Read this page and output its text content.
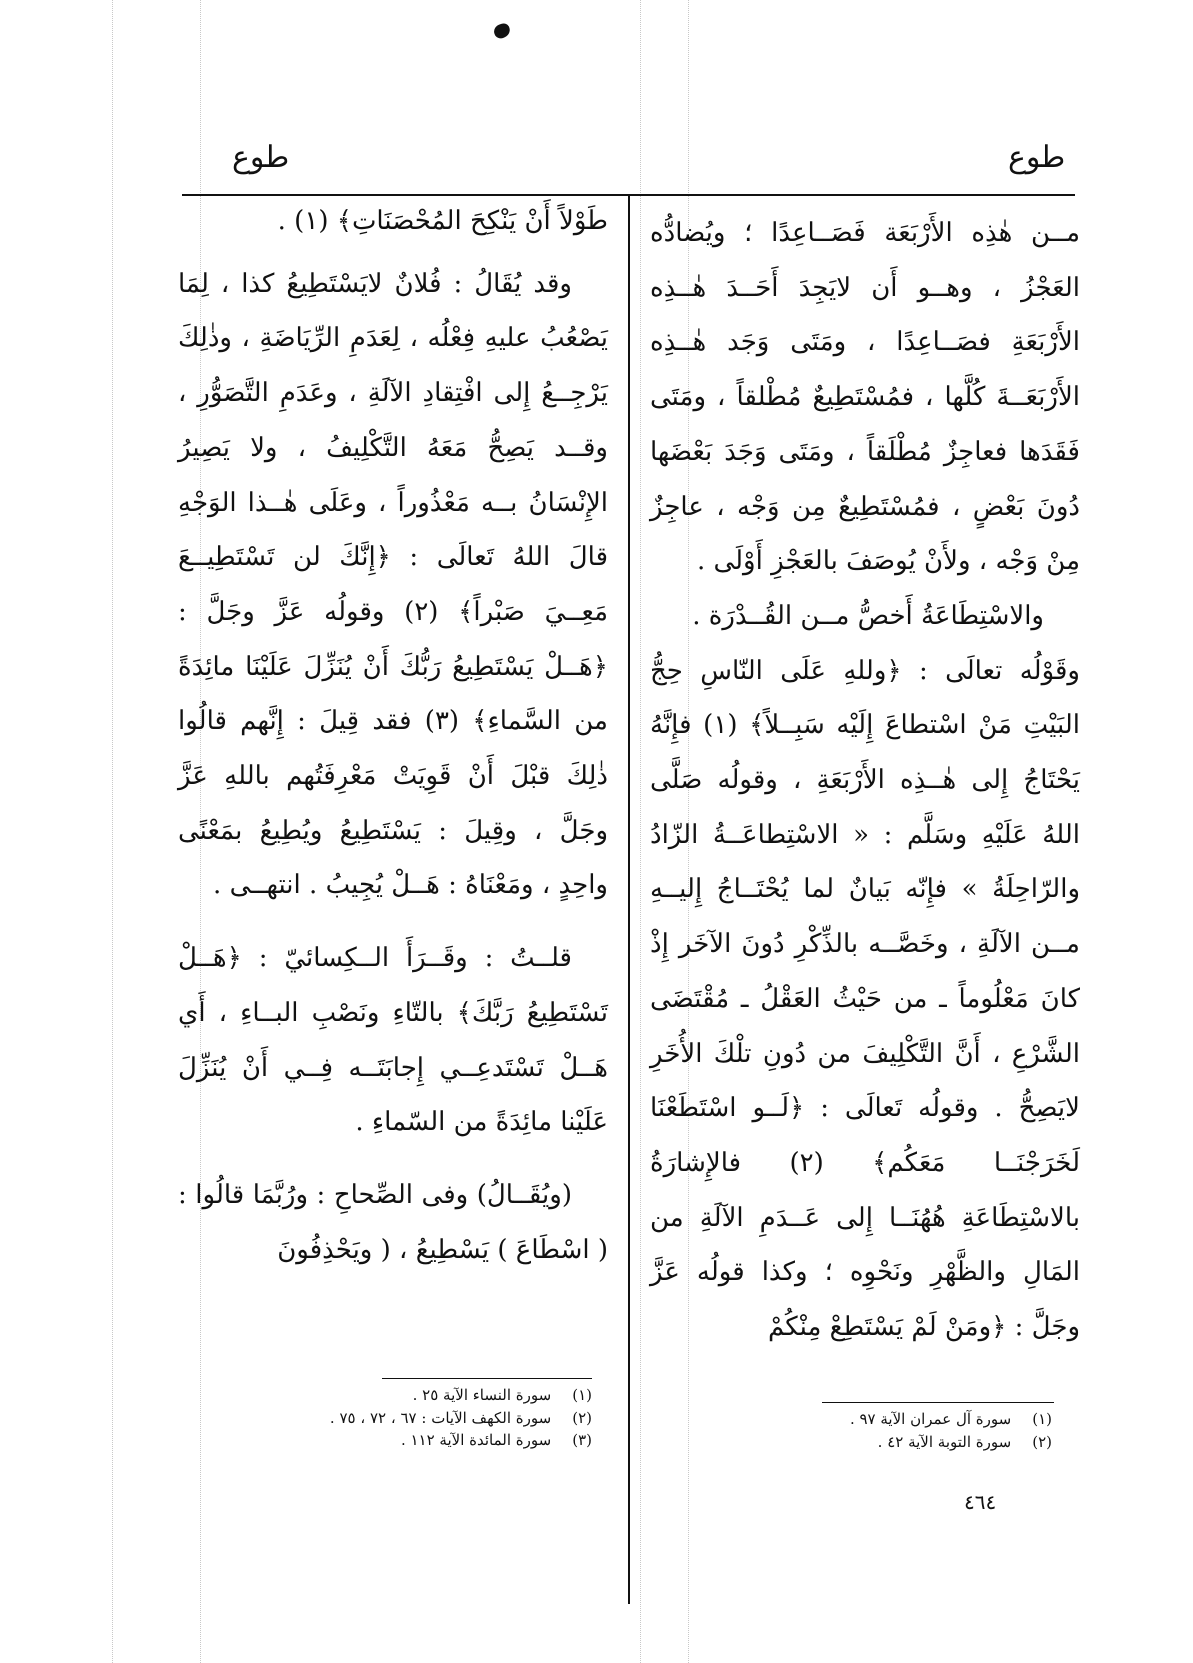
طوع
طوع

مــن هٰذِه الأَرْبَعَة فَصَــاعِدًا ؛ ويُضادُّه العَجْزُ ، وهــو أَن لايَجِدَ أَحَــدَ هٰــذِه الأَرْبَعَةِ فصَــاعِدًا ، ومَتَى وَجَد هٰــذِه الأَرْبَعَــةَ كُلَّها ، فمُسْتَطِيعٌ مُطْلقاً ، ومَتَى فَقَدَها فعاجِزٌ مُطْلَقاً ، ومَتَى وَجَدَ بَعْضَها دُونَ بَعْضٍ ، فمُسْتَطِيعٌ مِن وَجْه ، عاجِزٌ مِنْ وَجْه ، ولأَنْ يُوصَفَ بالعَجْزِ أَوْلَى .

والاسْتِطَاعَةُ أَخصُّ مــن القُــدْرَة .

وقَوْلُه تعالَى : ﴿وللهِ عَلَى النّاسِ حِجُّ البَيْتِ مَنْ اسْتطاعَ إِلَيْه سَبِــلاً﴾ (١) فإِنَّهُ يَحْتَاجُ إِلى هٰــذِه الأَرْبَعَةِ ، وقولُه صَلَّى اللهُ عَلَيْهِ وسَلَّم : « الاسْتِطاعَــةُ الزّادُ والرّاحِلَةُ » فإِنّه بَيانٌ لما يُحْتَــاجُ إِليــهِ مــن الآلَةِ ، وخَصَّــه بالذِّكْرِ دُونَ الآخَر إِذْ كانَ مَعْلُوماً ـ من حَيْثُ العَقْلُ ـ مُقْتَضَى الشَّرْعِ ، أَنَّ التَّكْلِيفَ من دُونِ تلْكَ الأُخَرِ لايَصِحُّ . وقولُه تَعالَى : ﴿لَــو اسْتَطَعْنَا لَخَرَجْنَــا مَعَكُم﴾ (٢) فالإِشارَةُ بالاسْتِطَاعَةِ هُهُنَــا إِلى عَــدَمِ الآلَةِ من المَالِ والظَّهْرِ ونَحْوِه ؛ وكذا قولُه عَزَّ وجَلَّ : ﴿ومَنْ لَمْ يَسْتَطِعْ مِنْكُمْ

طَوْلاً أَنْ يَنْكِحَ المُحْصَنَاتِ﴾ (١) .

وقد يُقَالُ : فُلانٌ لايَسْتَطِيعُ كذا ، لِمَا يَصْعُبُ عليهِ فِعْلُه ، لِعَدَمِ الرِّيَاضَةِ ، وذٰلِكَ يَرْجِــعُ إِلى افْتِقادِ الآلَةِ ، وعَدَمِ التَّصَوُّرِ ، وقــد يَصِحُّ مَعَهُ التَّكْلِيفُ ، ولا يَصِيرُ الإِنْسَانُ بــه مَعْذُوراً ، وعَلَى هٰــذا الوَجْهِ قالَ اللهُ تَعالَى : ﴿إِنَّكَ لن تَسْتَطِيــعَ مَعِــيَ صَبْراً﴾ (٢) وقولُه عَزَّ وجَلَّ : ﴿هَــلْ يَسْتَطِيعُ رَبُّكَ أَنْ يُنَزِّلَ عَلَيْنَا مائِدَةً من السَّماءِ﴾ (٣) فقد قِيلَ : إِنَّهم قالُوا ذٰلِكَ قبْلَ أَنْ قَوِيَتْ مَعْرِفَتُهم باللهِ عَزَّ وجَلَّ ، وقِيلَ : يَسْتَطِيعُ ويُطِيعُ بمَعْنًى واحِدٍ ، ومَعْنَاهُ : هَــلْ يُجِيبُ . انتهــى .

قلــتُ : وقَــرَأَ الــكِسائيّ : ﴿هَــلْ تَسْتَطِيعُ رَبَّكَ﴾ بالتّاءِ ونَصْبِ البــاءِ ، أَي هَــلْ تَسْتَدعِــي إِجابَتَــه فِــي أَنْ يُنَزِّلَ عَلَيْنا مائِدَةً من السّماءِ .

(ويُقَــالُ) وفى الصِّحاحِ : ورُبَّمَا قالُوا : ( اسْطَاعَ ) يَسْطِيعُ ، ( ويَحْذِفُونَ

(١) سورة آل عمران الآية ٩٧ .
(٢) سورة التوبة الآية ٤٢ .
(١) سورة النساء الآية ٢٥ .
(٢) سورة الكهف الآيات : ٦٧ ، ٧٢ ، ٧٥ .
(٣) سورة المائدة الآية ١١٢ .
٤٦٤
